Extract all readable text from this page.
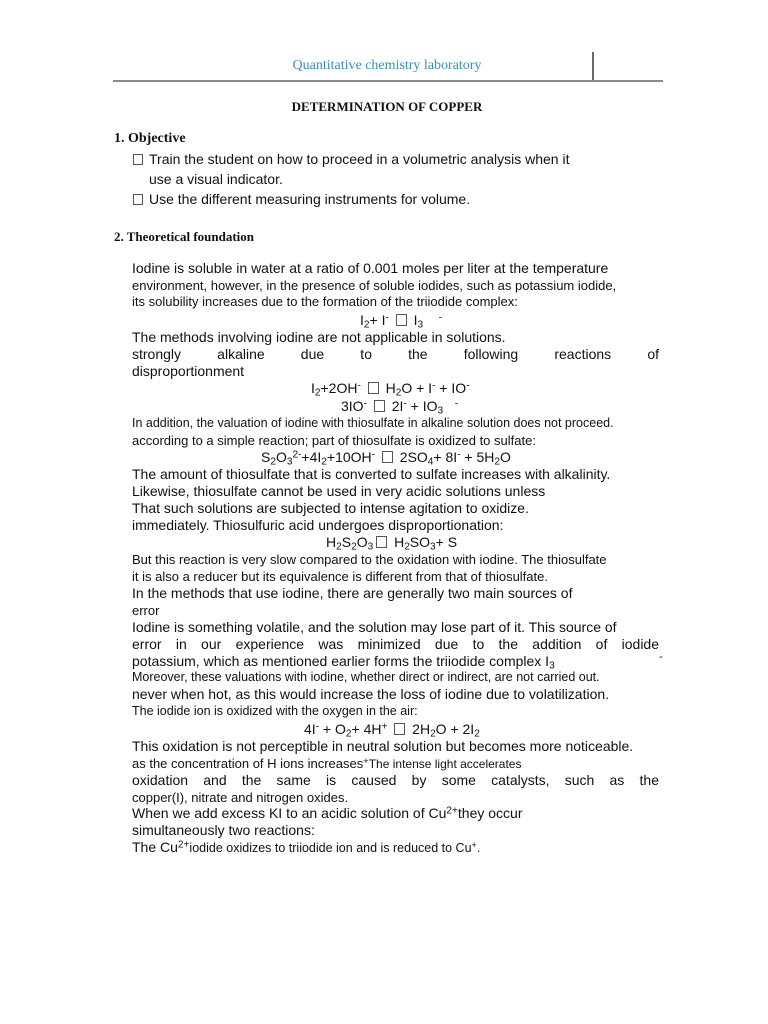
Quantitative chemistry laboratory
DETERMINATION OF COPPER
1. Objective
Train the student on how to proceed in a volumetric analysis when it
use a visual indicator.
Use the different measuring instruments for volume.
2. Theoretical foundation
Iodine is soluble in water at a ratio of 0.001 moles per liter at the temperature
environment, however, in the presence of soluble iodides, such as potassium iodide,
its solubility increases due to the formation of the triiodide complex:
$I_2+ I^-$  $I_3$    -
The methods involving iodine are not applicable in solutions.
strongly alkaline due to the following reactions of
disproportionment
$I_2+2OH^-$  $H_2O + I^- + IO^-$
3IO-  $2I^- + IO_3$   -
In addition, the valuation of iodine with thiosulfate in alkaline solution does not proceed.
according to a simple reaction; part of thiosulfate is oxidized to sulfate:
$S_2O_3^{2-}+4I_2+10OH^-$  $2SO_4+ 8I^- + 5H_2O$
The amount of thiosulfate that is converted to sulfate increases with alkalinity.
Likewise, thiosulfate cannot be used in very acidic solutions unless
That such solutions are subjected to intense agitation to oxidize.
immediately. Thiosulfuric acid undergoes disproportionation:
$H_2S_2O_3$ $H_2SO_3+ S$
But this reaction is very slow compared to the oxidation with iodine. The thiosulfate
it is also a reducer but its equivalence is different from that of thiosulfate.
In the methods that use iodine, there are generally two main sources of
error
Iodine is something volatile, and the solution may lose part of it. This source of
error in our experience was minimized due to the addition of iodide
potassium, which as mentioned earlier forms the triiodide complex $I_3$
-
Moreover, these valuations with iodine, whether direct or indirect, are not carried out.
never when hot, as this would increase the loss of iodine due to volatilization.
The iodide ion is oxidized with the oxygen in the air:
$4I^- + O_2+ 4H^+$  $2H_2O + 2I_2$
This oxidation is not perceptible in neutral solution but becomes more noticeable.
as the concentration of H ions increases+The intense light accelerates
oxidation and the same is caused by some catalysts, such as the
copper(I), nitrate and nitrogen oxides.
When we add excess KI to an acidic solution of $Cu^{2+}they$ occur
simultaneously two reactions:
The $Cu^{2+}iodide$ oxidizes to triiodide ion and is reduced to Cu+.
